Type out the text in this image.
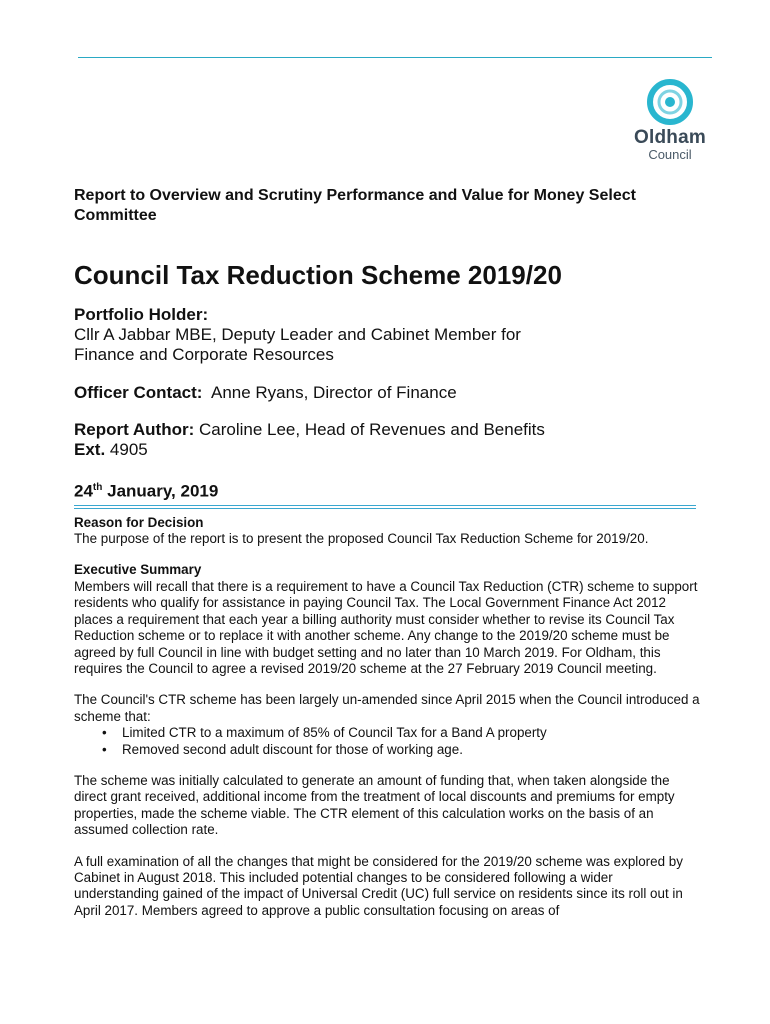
Oldham
Council

Report to Overview and Scrutiny Performance and Value for Money Select Committee

Council Tax Reduction Scheme 2019/20
Portfolio Holder:
Cllr A Jabbar MBE, Deputy Leader and Cabinet Member for
Finance and Corporate Resources
Officer Contact: Anne Ryans, Director of Finance
Report Author: Caroline Lee, Head of Revenues and Benefits
Ext. 4905
24th January, 2019
Reason for Decision

The purpose of the report is to present the proposed Council Tax Reduction Scheme for 2019/20.

Executive Summary

Members will recall that there is a requirement to have a Council Tax Reduction (CTR) scheme to support residents who qualify for assistance in paying Council Tax. The Local Government Finance Act 2012 places a requirement that each year a billing authority must consider whether to revise its Council Tax Reduction scheme or to replace it with another scheme. Any change to the 2019/20 scheme must be agreed by full Council in line with budget setting and no later than 10 March 2019. For Oldham, this requires the Council to agree a revised 2019/20 scheme at the 27 February 2019 Council meeting.

The Council's CTR scheme has been largely un-amended since April 2015 when the Council introduced a scheme that:

• Limited CTR to a maximum of 85% of Council Tax for a Band A property
• Removed second adult discount for those of working age.

The scheme was initially calculated to generate an amount of funding that, when taken alongside the direct grant received, additional income from the treatment of local discounts and premiums for empty properties, made the scheme viable. The CTR element of this calculation works on the basis of an assumed collection rate.

A full examination of all the changes that might be considered for the 2019/20 scheme was explored by Cabinet in August 2018. This included potential changes to be considered following a wider understanding gained of the impact of Universal Credit (UC) full service on residents since its roll out in April 2017. Members agreed to approve a public consultation focusing on areas of
